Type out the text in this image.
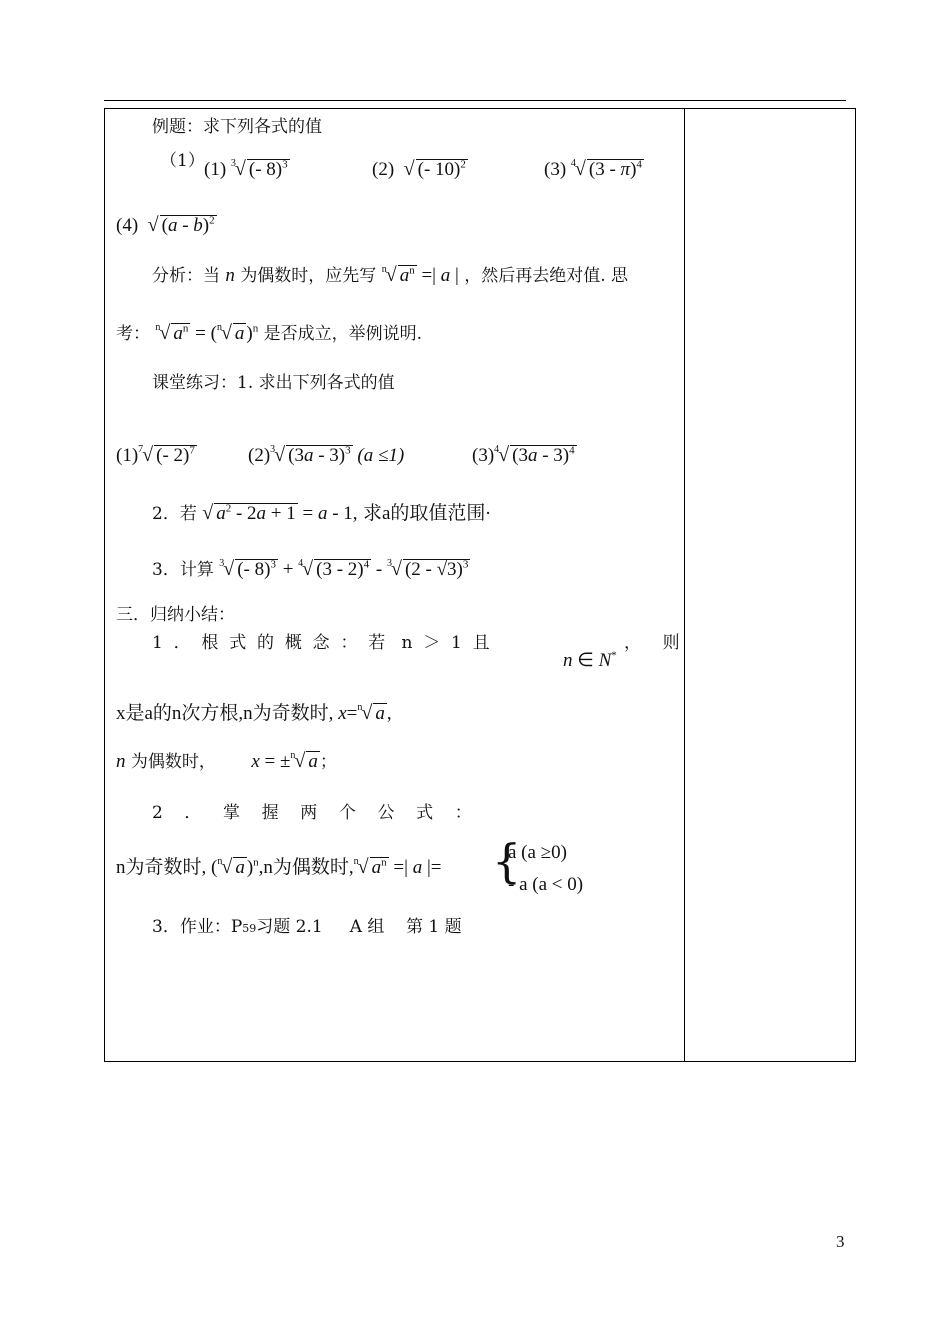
例题：求下列各式的值
（1） (1) $^3$√ (- 8)$^3$	(2) √ (- 10)$^2$	(3) $^4$√ (3 - π)$^4$
(4) √ (a - b)$^2$
分析：当 n 为偶数时，应先写 $^n$√ $a^n$ =| a | ，然后再去绝对值. 思
考： $^n$√ $a^n = (^n√$ a )$^n$ 是否成立，举例说明.
课堂练习：1. 求出下列各式的值
$(1)^7√$ (- 2)$^7$	$(2)^3√$ (3a - 3)$^3$ (a ≤1)	$(3)^4√$ (3a - 3)$^4$
2．若 √ $a^2 - 2a + 1 = a - 1$, 求a的取值范围·
3．计算 $^3$√ (- 8)$^3$ + $^4$√ (3 - 2)$^4$ - $^3$√ (2 - √3)$^3$
三．归纳小结：
1  ．  根  式  的  概  念  ：  若   n  ＞  1  且
n ∈ N*
，    则
x是a的n次方根,n为奇数时, x=$^n$√ a ,
n 为偶数时， x = ±$^n$√ a ；
2    ．    掌    握    两    个    公    式    ：
n为奇数时, ($^n$√ a )$^n$,n为偶数时,$^n$√ $a^n$ =| a |= {
a (a ≥0)
- a (a < 0)
3．作业：P59习题 2.1     A 组    第 1 题
3
